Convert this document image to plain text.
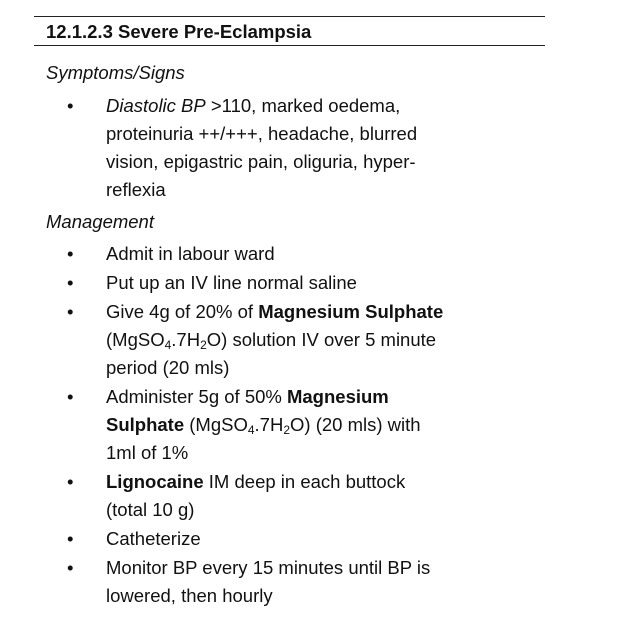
12.1.2.3 Severe Pre-Eclampsia
Symptoms/Signs
• Diastolic BP >110, marked oedema,
proteinuria ++/+++, headache, blurred
vision, epigastric pain, oliguria, hyper-
reflexia
Management
• Admit in labour ward
• Put up an IV line normal saline
• Give 4g of 20% of Magnesium Sulphate
$(MgSO_4.7H_2O)$ solution IV over 5 minute
period (20 mls)
• Administer 5g of 50% Magnesium
Sulphate $(MgSO_4.7H_2O)$ (20 mls) with
1ml of 1%
• Lignocaine IM deep in each buttock
(total 10 g)
• Catheterize
• Monitor BP every 15 minutes until BP is
lowered, then hourly
